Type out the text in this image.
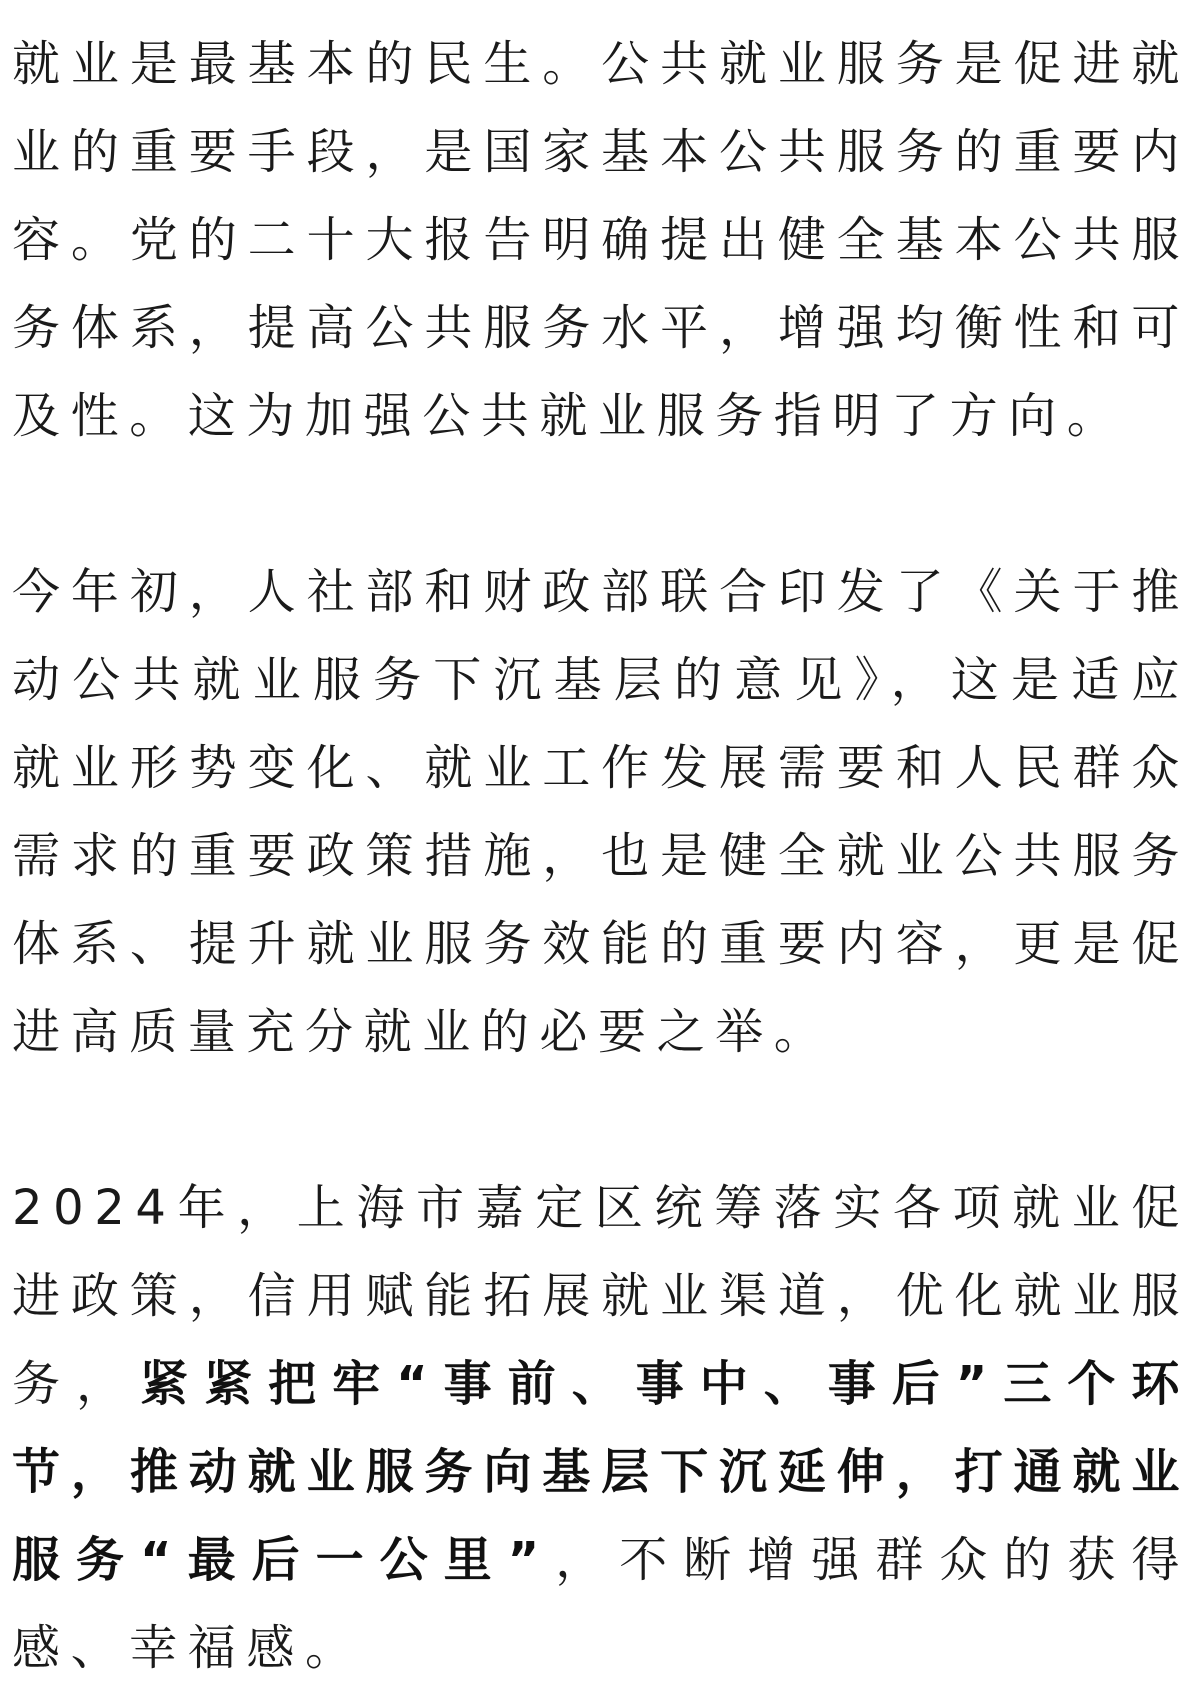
就业是最基本的民生。公共就业服务是促进就业的重要手段，是国家基本公共服务的重要内容。党的二十大报告明确提出健全基本公共服务体系，提高公共服务水平，增强均衡性和可及性。这为加强公共就业服务指明了方向。

今年初，人社部和财政部联合印发了《关于推动公共就业服务下沉基层的意见》，这是适应就业形势变化、就业工作发展需要和人民群众需求的重要政策措施，也是健全就业公共服务体系、提升就业服务效能的重要内容，更是促进高质量充分就业的必要之举。

2024年，上海市嘉定区统筹落实各项就业促进政策，信用赋能拓展就业渠道，优化就业服务，紧紧把牢“事前、事中、事后”三个环节，推动就业服务向基层下沉延伸，打通就业服务“最后一公里”，不断增强群众的获得感、幸福感。
